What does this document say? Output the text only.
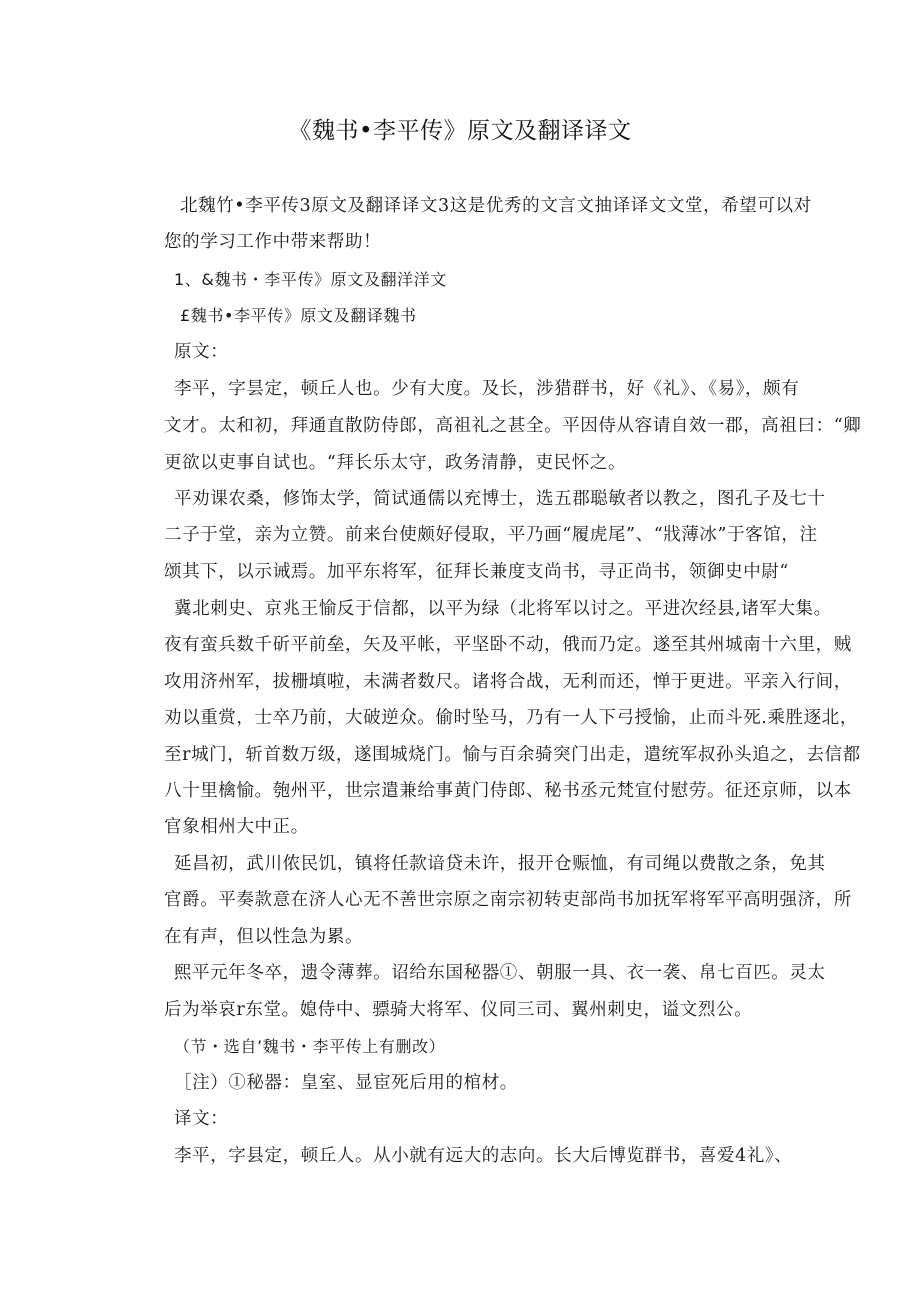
《魏书•李平传》原文及翻译译文
北魏竹•李平传3原文及翻译译文3这是优秀的文言文抽译译文文堂，希望可以对
您的学习工作中带来帮助！
1、&魏书・李平传》原文及翻洋洋文
£魏书•李平传》原文及翻译魏书
原文：
李平，字昙定，顿丘人也。少有大度。及长，涉猎群书，好《礼》、《易》，颇有
文才。太和初，拜通直散防侍郎，高祖礼之甚全。平因侍从容请自效一郡，高祖曰：“卿
更欲以吏事自试也。“拜长乐太守，政务清静，吏民怀之。
平劝课农桑，修饰太学，简试通儒以充博士，选五郡聪敏者以教之，图孔子及七十
二子于堂，亲为立赞。前来台使颇好侵取，平乃画“履虎尾”、“戕薄冰”于客馆，注
颂其下，以示诫焉。加平东将军，征拜长兼度支尚书，寻正尚书，领御史中尉“
冀北刺史、京兆王愉反于信都，以平为绿（北将军以讨之。平进次经县,诸军大集。
夜有蛮兵数千斫平前垒，矢及平帐，平坚卧不动，俄而乃定。遂至其州城南十六里，贼
攻用济州军，拔栅填啦，未满者数尺。诸将合战，无利而还，惮于更进。平亲入行间，
劝以重赏，士卒乃前，大破逆众。偷时坠马，乃有一人下弓授愉，止而斗死.乘胜逐北，
至r城门，斩首数万级，遂围城烧门。愉与百余骑突门出走，遣统军叔孙头追之，去信都
八十里檎愉。匏州平，世宗遣兼给事黄门侍郎、秘书丞元梵宣付慰劳。征还京师，以本
官象相州大中正。
延昌初，武川侬民饥，镇将任款谙贷未许，报开仓赈恤，有司绳以费散之条，免其
官爵。平奏款意在济人心无不善世宗原之南宗初转吏部尚书加抚军将军平高明强济，所
在有声，但以性急为累。
熙平元年冬卒，遗令薄葬。诏给东国秘器①、朝服一具、衣一袭、帛七百匹。灵太
后为举哀r东堂。媳侍中、骠骑大将军、仪同三司、翼州刺史，谥文烈公。
（节・选自’魏书・李平传上有删改）
［注）①秘器：皇室、显宦死后用的棺材。
译文：
李平，字县定，顿丘人。从小就有远大的志向。长大后博览群书，喜爱4礼》、
